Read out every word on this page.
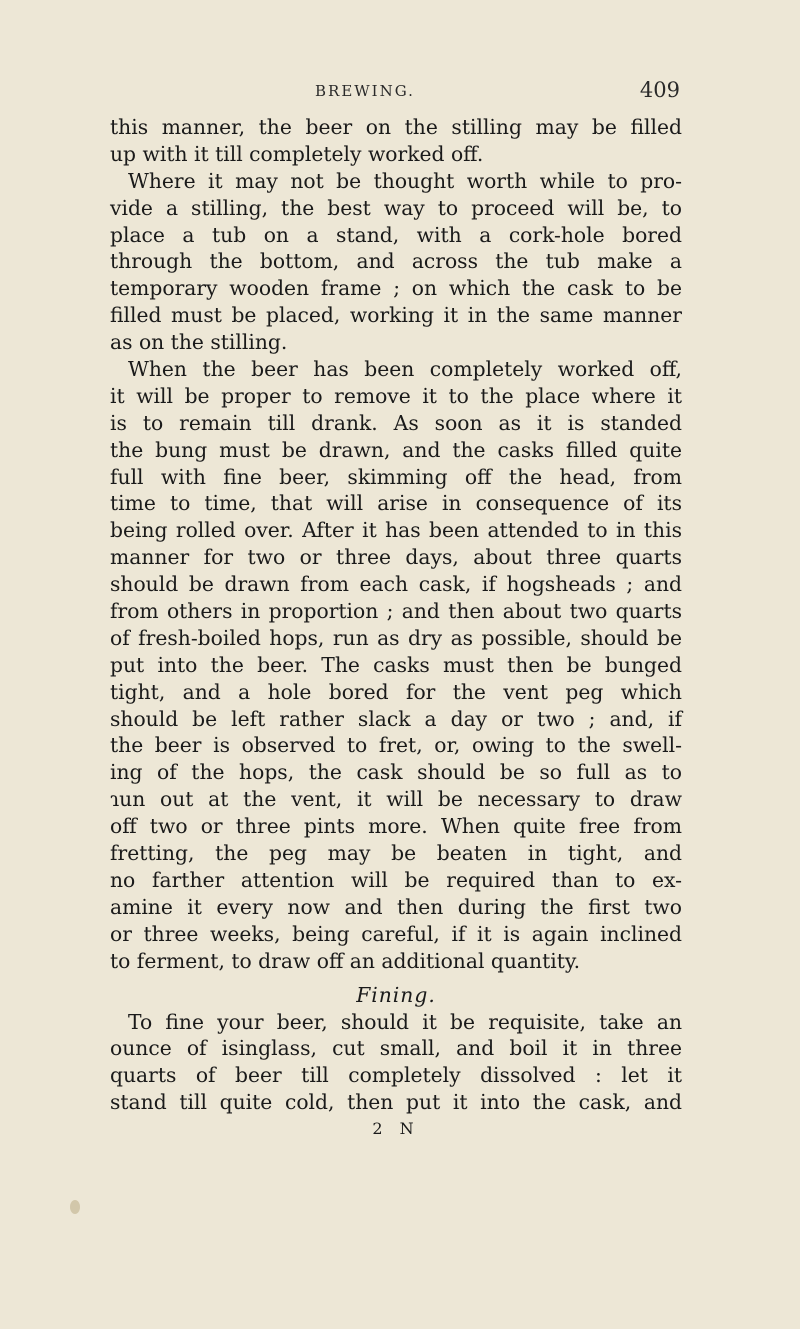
BREWING.	409
this manner, the beer on the stilling may be filled
up with it till completely worked off.
Where it may not be thought worth while to pro-
vide a stilling, the best way to proceed will be, to
place a tub on a stand, with a cork-hole bored
through the bottom, and across the tub make a
temporary wooden frame ; on which the cask to be
filled must be placed, working it in the same manner
as on the stilling.
When the beer has been completely worked off,
it will be proper to remove it to the place where it
is to remain till drank. As soon as it is standed
the bung must be drawn, and the casks filled quite
full with fine beer, skimming off the head, from
time to time, that will arise in consequence of its
being rolled over. After it has been attended to in this
manner for two or three days, about three quarts
should be drawn from each cask, if hogsheads ; and
from others in proportion ; and then about two quarts
of fresh-boiled hops, run as dry as possible, should be
put into the beer. The casks must then be bunged
tight, and a hole bored for the vent peg which
should be left rather slack a day or two ; and, if
the beer is observed to fret, or, owing to the swell-
ing of the hops, the cask should be so full as to
ɿun out at the vent, it will be necessary to draw
off two or three pints more. When quite free from
fretting, the peg may be beaten in tight, and
no farther attention will be required than to ex-
amine it every now and then during the first two
or three weeks, being careful, if it is again inclined
to ferment, to draw off an additional quantity.
Fining.
To fine your beer, should it be requisite, take an
ounce of isinglass, cut small, and boil it in three
quarts of beer till completely dissolved : let it
stand till quite cold, then put it into the cask, and
2 N
